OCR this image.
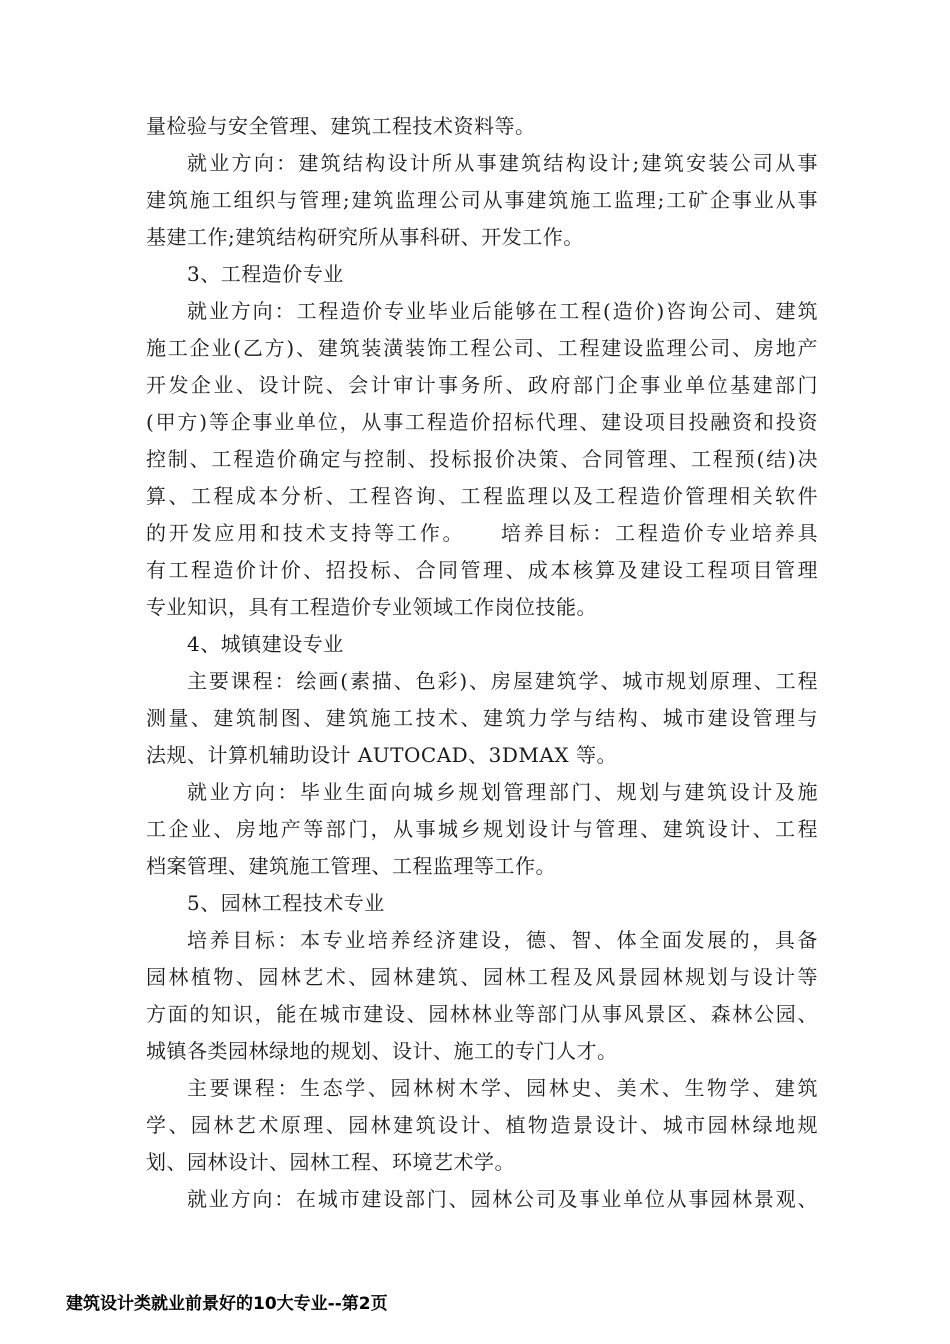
量检验与安全管理、建筑工程技术资料等。
就业方向：建筑结构设计所从事建筑结构设计;建筑安装公司从事
建筑施工组织与管理;建筑监理公司从事建筑施工监理;工矿企事业从事
基建工作;建筑结构研究所从事科研、开发工作。
3、工程造价专业
就业方向：工程造价专业毕业后能够在工程(造价)咨询公司、建筑
施工企业(乙方)、建筑装潢装饰工程公司、工程建设监理公司、房地产
开发企业、设计院、会计审计事务所、政府部门企事业单位基建部门
(甲方)等企事业单位，从事工程造价招标代理、建设项目投融资和投资
控制、工程造价确定与控制、投标报价决策、合同管理、工程预(结)决
算、工程成本分析、工程咨询、工程监理以及工程造价管理相关软件
的开发应用和技术支持等工作。　　培养目标：工程造价专业培养具
有工程造价计价、招投标、合同管理、成本核算及建设工程项目管理
专业知识，具有工程造价专业领域工作岗位技能。
4、城镇建设专业
主要课程：绘画(素描、色彩)、房屋建筑学、城市规划原理、工程
测量、建筑制图、建筑施工技术、建筑力学与结构、城市建设管理与
法规、计算机辅助设计 AUTOCAD、3DMAX 等。
就业方向：毕业生面向城乡规划管理部门、规划与建筑设计及施
工企业、房地产等部门，从事城乡规划设计与管理、建筑设计、工程
档案管理、建筑施工管理、工程监理等工作。
5、园林工程技术专业
培养目标：本专业培养经济建设，德、智、体全面发展的，具备
园林植物、园林艺术、园林建筑、园林工程及风景园林规划与设计等
方面的知识，能在城市建设、园林林业等部门从事风景区、森林公园、
城镇各类园林绿地的规划、设计、施工的专门人才。
主要课程：生态学、园林树木学、园林史、美术、生物学、建筑
学、园林艺术原理、园林建筑设计、植物造景设计、城市园林绿地规
划、园林设计、园林工程、环境艺术学。
就业方向：在城市建设部门、园林公司及事业单位从事园林景观、
建筑设计类就业前景好的10大专业--第2页
